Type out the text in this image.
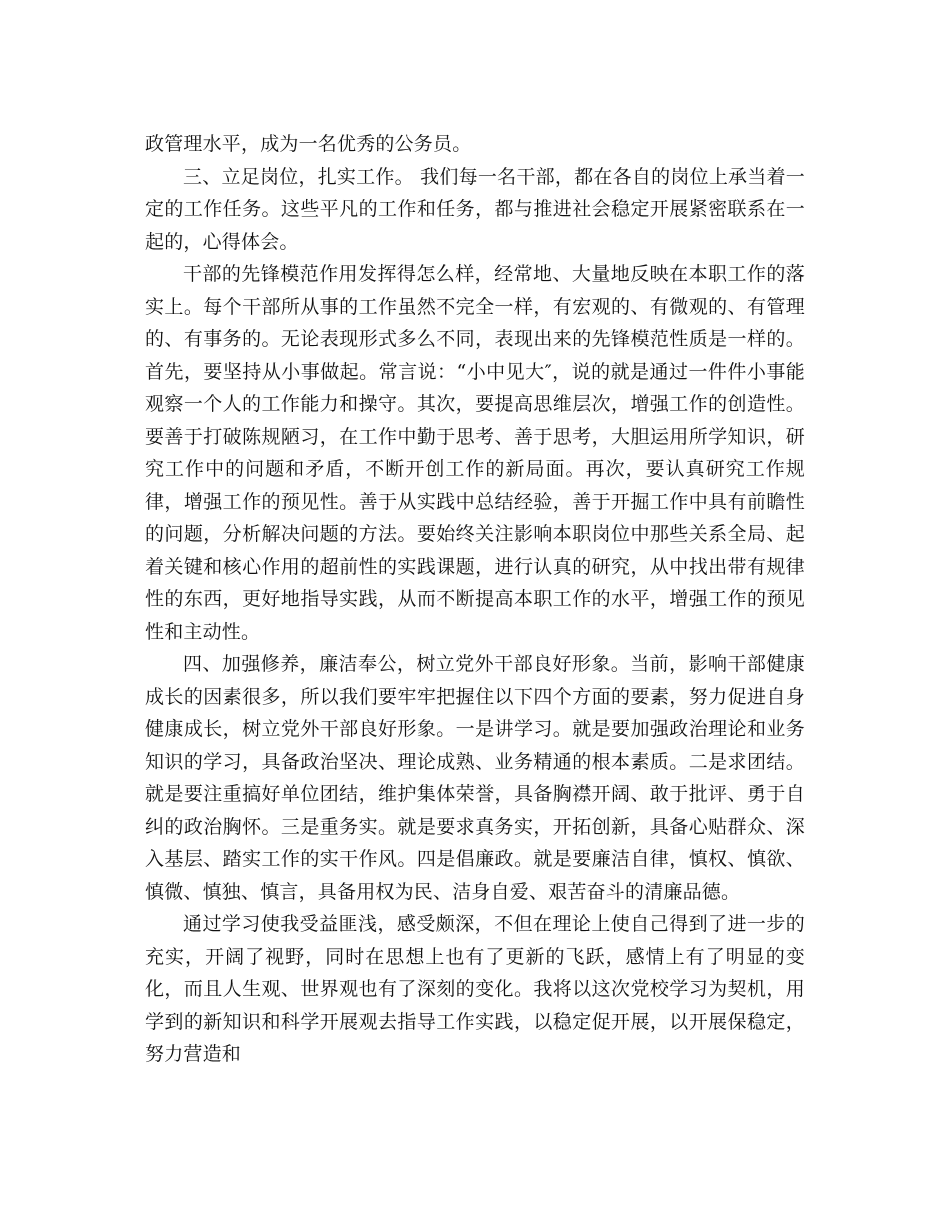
政管理水平，成为一名优秀的公务员。

三、立足岗位，扎实工作。 我们每一名干部，都在各自的岗位上承当着一定的工作任务。这些平凡的工作和任务，都与推进社会稳定开展紧密联系在一起的，心得体会。

干部的先锋模范作用发挥得怎么样，经常地、大量地反映在本职工作的落实上。每个干部所从事的工作虽然不完全一样，有宏观的、有微观的、有管理的、有事务的。无论表现形式多么不同，表现出来的先锋模范性质是一样的。首先，要坚持从小事做起。常言说：“小中见大″，说的就是通过一件件小事能观察一个人的工作能力和操守。其次，要提高思维层次，增强工作的创造性。要善于打破陈规陋习，在工作中勤于思考、善于思考，大胆运用所学知识，研究工作中的问题和矛盾，不断开创工作的新局面。再次，要认真研究工作规律，增强工作的预见性。善于从实践中总结经验，善于开掘工作中具有前瞻性的问题，分析解决问题的方法。要始终关注影响本职岗位中那些关系全局、起着关键和核心作用的超前性的实践课题，进行认真的研究，从中找出带有规律性的东西，更好地指导实践，从而不断提高本职工作的水平，增强工作的预见性和主动性。

四、加强修养，廉洁奉公，树立党外干部良好形象。当前，影响干部健康成长的因素很多，所以我们要牢牢把握住以下四个方面的要素，努力促进自身健康成长，树立党外干部良好形象。一是讲学习。就是要加强政治理论和业务知识的学习，具备政治坚决、理论成熟、业务精通的根本素质。二是求团结。就是要注重搞好单位团结，维护集体荣誉，具备胸襟开阔、敢于批评、勇于自纠的政治胸怀。三是重务实。就是要求真务实，开拓创新，具备心贴群众、深入基层、踏实工作的实干作风。四是倡廉政。就是要廉洁自律，慎权、慎欲、慎微、慎独、慎言，具备用权为民、洁身自爱、艰苦奋斗的清廉品德。

通过学习使我受益匪浅，感受颇深，不但在理论上使自己得到了进一步的充实，开阔了视野，同时在思想上也有了更新的飞跃，感情上有了明显的变化，而且人生观、世界观也有了深刻的变化。我将以这次党校学习为契机，用学到的新知识和科学开展观去指导工作实践，以稳定促开展，以开展保稳定，努力营造和
